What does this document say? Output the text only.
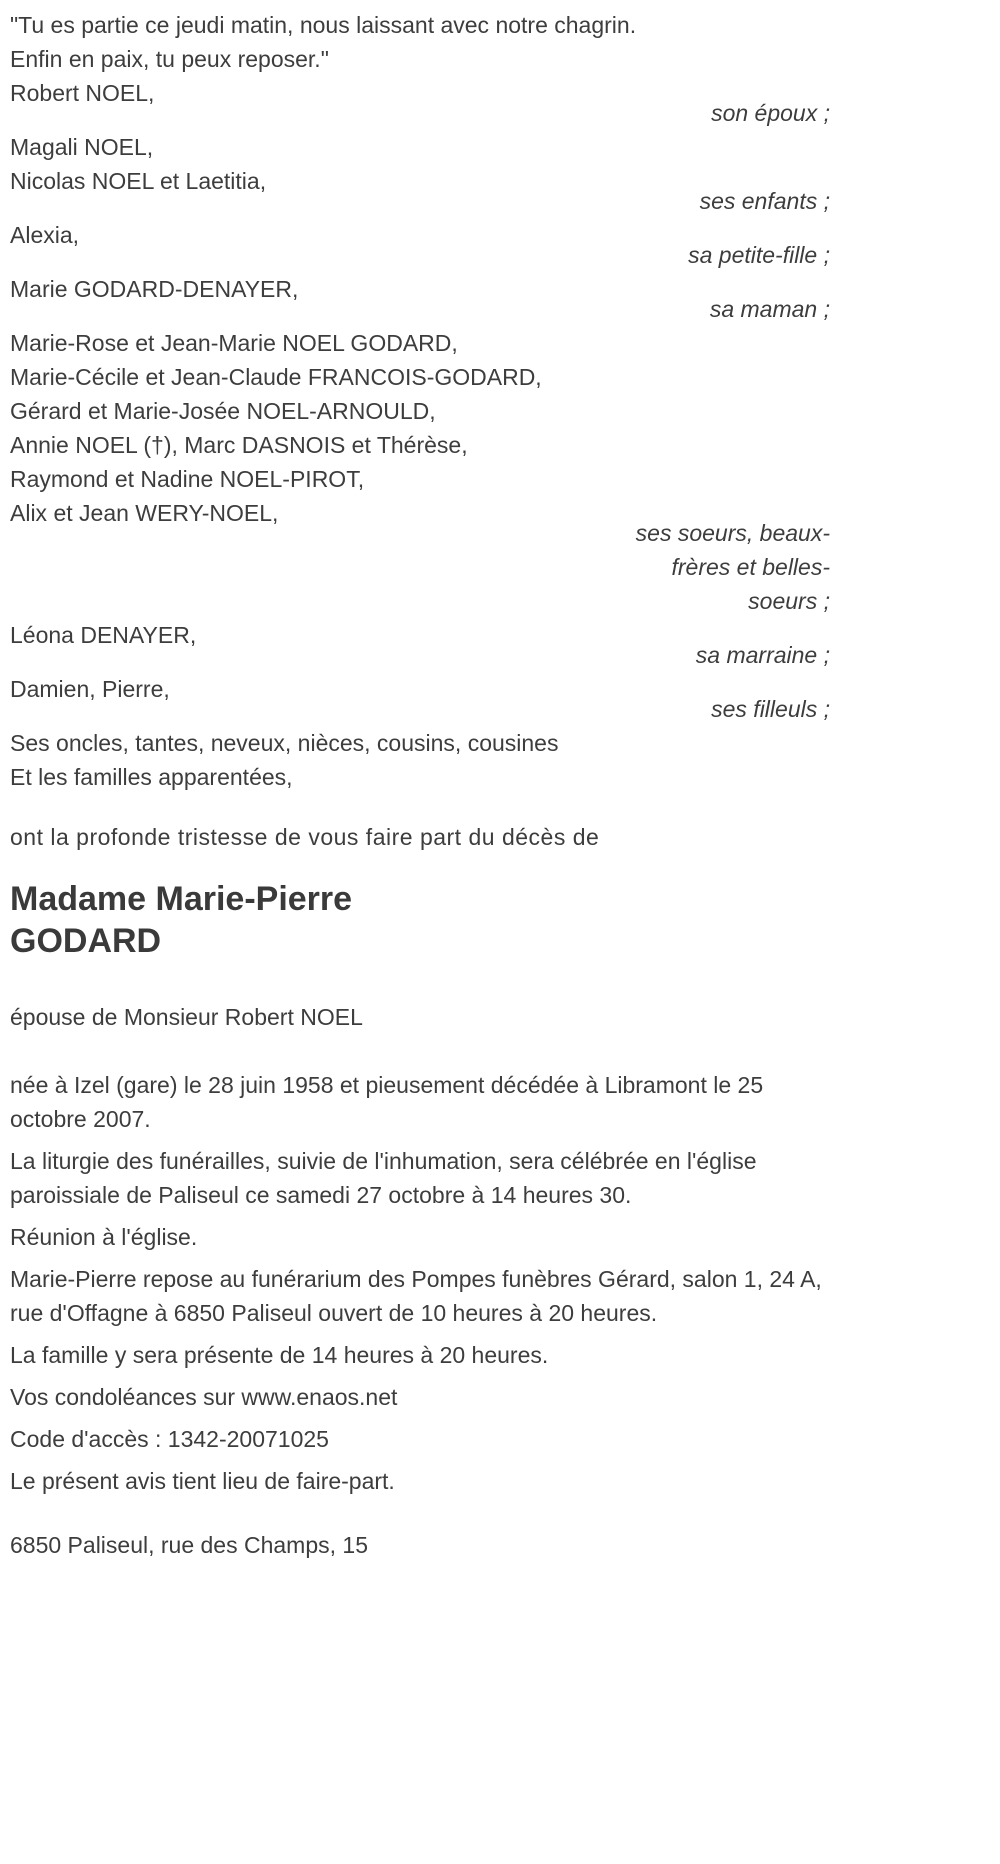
"Tu es partie ce jeudi matin, nous laissant avec notre chagrin.
Enfin en paix, tu peux reposer."
Robert NOEL,
son époux ;
Magali NOEL,
Nicolas NOEL et Laetitia,
ses enfants ;
Alexia,
sa petite-fille ;
Marie GODARD-DENAYER,
sa maman ;
Marie-Rose et Jean-Marie NOEL GODARD,
Marie-Cécile et Jean-Claude FRANCOIS-GODARD,
Gérard et Marie-Josée NOEL-ARNOULD,
Annie NOEL (†), Marc DASNOIS et Thérèse,
Raymond et Nadine NOEL-PIROT,
Alix et Jean WERY-NOEL,
ses soeurs, beaux-frères et belles-soeurs ;
Léona DENAYER,
sa marraine ;
Damien, Pierre,
ses filleuls ;
Ses oncles, tantes, neveux, nièces, cousins, cousines
Et les familles apparentées,
ont la profonde tristesse de vous faire part du décès de
Madame Marie-Pierre GODARD
épouse de Monsieur Robert NOEL
née à Izel (gare) le 28 juin 1958 et pieusement décédée à Libramont le 25 octobre 2007.
La liturgie des funérailles, suivie de l'inhumation, sera célébrée en l'église paroissiale de Paliseul ce samedi 27 octobre à 14 heures 30.
Réunion à l'église.
Marie-Pierre repose au funérarium des Pompes funèbres Gérard, salon 1, 24 A, rue d'Offagne à 6850 Paliseul ouvert de 10 heures à 20 heures.
La famille y sera présente de 14 heures à 20 heures.
Vos condoléances sur www.enaos.net
Code d'accès : 1342-20071025
Le présent avis tient lieu de faire-part.
6850 Paliseul, rue des Champs, 15
